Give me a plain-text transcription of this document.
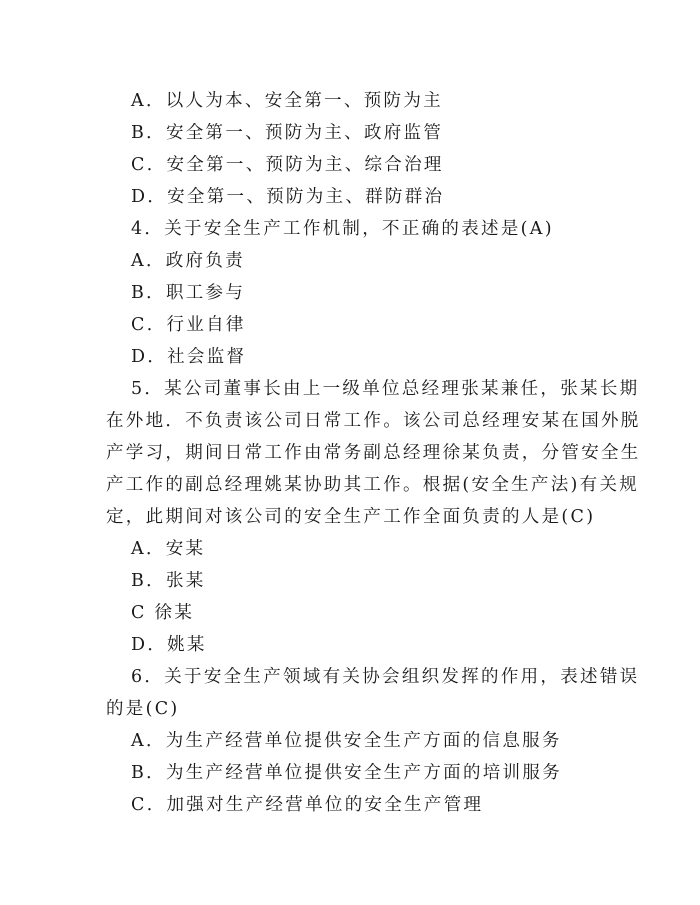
A．以人为本、安全第一、预防为主
B．安全第一、预防为主、政府监管
C．安全第一、预防为主、综合治理
D．安全第一、预防为主、群防群治
4．关于安全生产工作机制，不正确的表述是(A)
A．政府负责
B．职工参与
C．行业自律
D．社会监督
5．某公司董事长由上一级单位总经理张某兼任，张某长期
在外地．不负责该公司日常工作。该公司总经理安某在国外脱
产学习，期间日常工作由常务副总经理徐某负责，分管安全生
产工作的副总经理姚某协助其工作。根据(安全生产法)有关规
定，此期间对该公司的安全生产工作全面负责的人是(C)
A．安某
B．张某
C 徐某
D．姚某
6．关于安全生产领域有关协会组织发挥的作用，表述错误
的是(C)
A．为生产经营单位提供安全生产方面的信息服务
B．为生产经营单位提供安全生产方面的培训服务
C．加强对生产经营单位的安全生产管理
